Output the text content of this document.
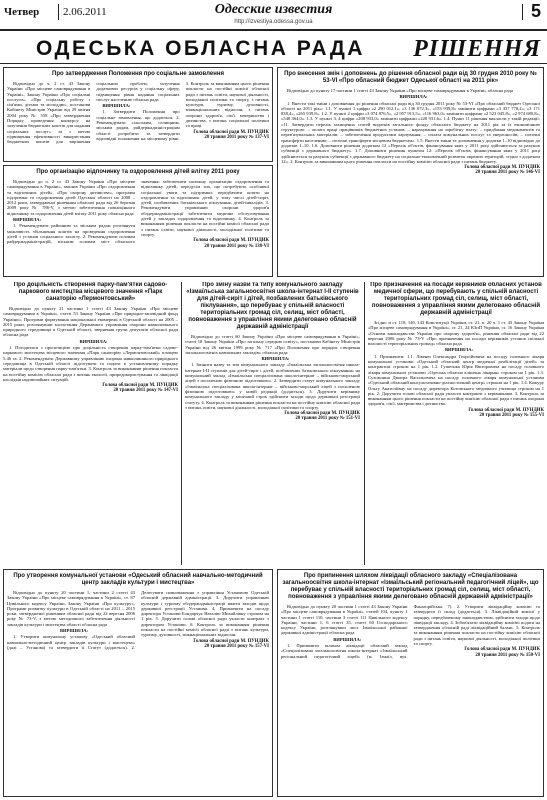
Четвер 2.06.2011	Одесские известия
http://izvestiya.odessa.gov.ua
5
ОДЕСЬКА ОБЛАСНА РАДА РІШЕННЯ
Про затвердження Положення про соціальне замовлення

Відповідно до ч. 2 ст. 43 Закону України «Про місцеве самоврядування в Україні», Закону України «Про соціальні послуги», «Про соціальну роботу з сім'ями, дітьми та молоддю», постанови Кабінету Міністрів України від 29 квітня 2004 року № 558 «Про затвердження Порядку проведення конкурсу на залучення бюджетних коштів для надання соціальних послуг» та з метою підвищення ефективності використання бюджетних коштів для вирішення соціальних проблем, залучення додаткових ресурсів у соціальну сферу, підвищення рівня надання соціальних послуг населенню обласна рада

ВИРІШИЛА:

1. Затвердити Положення про соціальне замовлення, що додається. 2. Рекомендувати сільським, селищним, міським радам, райдержадміністраціям області розробити та затвердити відповідні положення на місцевому рівні. 3. Контроль за виконанням цього рішення покласти на постійні комісії обласної ради з питань освіти, наукової діяльності, молодіжної політики та спорту, з питань культури, туризму, духовності, міжнаціональних відносин, з питань охорони здоров'я, сім'ї, материнства і дитинства, з питань соціальної політики та праці.

Голова обласної ради М. ПУНДИК
20 травня 2011 року № 137-VI
Про організацію відпочинку та оздоровлення дітей влітку 2011 року

Відповідно до ч. 2 ст. 43 Закону України «Про місцеве самоврядування в Україні», законів України «Про оздоровлення та відпочинок дітей», «Про охорону дитинства», програми підтримки та оздоровлення дітей Одеської області на 2008 – 2012 роки, затвердженої рішенням обласної ради від 26 березня 2009 року № 786-V, з метою забезпечення повноцінного відпочинку та оздоровлення дітей влітку 2011 року обласна рада

ВИРІШИЛА:

1. Рекомендувати районним та міським радам розглянути можливість збільшення коштів на проведення оздоровлення дітей з установ соціального захисту. 2. Рекомендувати головам райдержадміністрацій, міським головам міст обласного значення: забезпечити належну організацію оздоровлення та відпочинку дітей, передусім тих, що потребують особливої соціальної уваги та підтримки; передбачити кошти на оздоровлення та відпочинок дітей, у тому числі дітей-сиріт, дітей, позбавлених батьківського піклування, дітей-інвалідів. 3. Рекомендувати управлінню охорони здоров'я облдержадміністрації забезпечити медичне обслуговування дітей у закладах оздоровлення та відпочинку. 4. Контроль за виконанням рішення покласти на постійні комісії обласної ради з питань освіти, наукової діяльності, молодіжної політики та спорту.

Голова обласної ради М. ПУНДИК
20 травня 2011 року № 138-VI
Про внесення змін і доповнень до рішення обласної ради від 30 грудня 2010 року № 53-VI «Про обласний бюджет Одеської області на 2011 рік»

Відповідно до пункту 17 частини 1 статті 43 Закону України «Про місцеве самоврядування в Україні» обласна рада

ВИРІШИЛА:

1. Внести такі зміни і доповнення до рішення обласної ради від 30 грудня 2011 року № 53-VI «Про обласний бюджет Одеської області на 2011 рік»: 1.1. У пункті 1 цифри «2 290 012,1», «3 136 072,3», «153 939,8» замінити цифрами «3 437 778,2», «3 171 838,4», «265 939,8». 1.2. У пункті 2 цифри «3 074 876,5», «2 957 913,5», «116 963,0» замінити цифрами «2 523 045,8», «2 974 680,8», «548 364,0». 1.3. У пункті 3, 4 цифри «208 933,0» замінити цифрами «228 931,6». 1.4. Пункт 11 рішення викласти у такій редакції: «11. Затвердити перелік захищених статей видатків загального фонду обласного бюджету на 2011 рік за їх економічною структурою: – оплата праці працівників бюджетних установ; – нарахування на заробітну плату; – придбання медикаментів та перев'язувальних матеріалів; – забезпечення продуктами харчування; – оплата комунальних послуг та енергоносіїв; – поточні трансферти населенню; – поточні трансферти місцевим бюджетам». 1.5. Внести зміни та доповнення у додатки 1–10 відповідно до додатків 1–10. 1.6. Доповнити рішення додатком 12 «Перелік об'єктів, фінансування яких у 2011 році здійснюється за рахунок субвенції з державного бюджету». 1.7. Доповнити рішення пунктом 12: «Перелік об'єктів, фінансування яких у 2011 році здійснюється за рахунок субвенції з державного бюджету на соціально-економічний розвиток окремих територій, згідно з додатком 12». 2. Контроль за виконанням цього рішення покласти на постійну комісію обласної ради з питань бюджету.

Голова обласної ради М. ПУНДИК
20 травня 2011 року № 146-VI
Про доцільність створення парку-пам'ятки садово-паркового мистецтва місцевого значення «Парк санаторію «Лермонтовський»

Відповідно до пункту 21 частини 1 статті 43 Закону України «Про місцеве самоврядування в Україні», статті 53 Закону України «Про природно-заповідний фонд України», Програми формування національної екомережі в Одеській області на 2005 – 2015 роки, розглянувши клопотання Державного управління охорони навколишнього природного середовища в Одеській області, звернення групи депутатів обласної ради обласна рада

ВИРІШИЛА:

1. Погодитися з пропозицією про доцільність створення парку-пам'ятки садово-паркового мистецтва місцевого значення «Парк санаторію «Лермонтовський» площею 5,46 га. 2. Рекомендувати Державному управлінню охорони навколишнього природного середовища в Одеській області підготувати та подати в установленому порядку матеріали щодо створення парку-пам'ятки. 3. Контроль за виконанням рішення покласти на постійну комісію обласної ради з питань екології, природокористування та ліквідації наслідків надзвичайних ситуацій.

Голова обласної ради М. ПУНДИК
20 травня 2011 року № 147-VI
Про зміну назви та типу комунального закладу «Ізмаїльська загальноосвітня школа-інтернат I-II ступенів для дітей-сиріт і дітей, позбавлених батьківського піклування», що перебуває у спільній власності територіальних громад сіл, селищ, міст області, повноваження з управління якими делеговано обласній державній адміністрації

Відповідно до статті 60 Закону України «Про місцеве самоврядування в Україні», статті 18 Закону України «Про загальну середню освіту», постанови Кабінету Міністрів України від 26 квітня 1999 року № 717 «Про Положення про порядок створення загальноосвітніх навчальних закладів» обласна рада

ВИРІШИЛА:

1. Змінити назву та тип комунального закладу «Ізмаїльська загальноосвітня школа-інтернат I-II ступенів для дітей-сиріт і дітей, позбавлених батьківського піклування» на комунальний заклад «Ізмаїльська спеціалізована школа-інтернат – військово-морський ліцей з посиленою фізичною підготовкою». 2. Затвердити статут комунального закладу «Ізмаїльська спеціалізована школа-інтернат – військово-морський ліцей з посиленою фізичною підготовкою» у новій редакції (додається). 3. Доручити керівнику комунального закладу у місячний строк здійснити заходи щодо державної реєстрації статуту. 4. Контроль за виконанням рішення покласти на постійну комісію обласної ради з питань освіти, наукової діяльності, молодіжної політики та спорту.

Голова обласної ради М. ПУНДИК
20 травня 2011 року № 151-VI
Про призначення на посади керівників обласних установ медичної сфери, що перебувають у спільній власності територіальних громад сіл, селищ, міст області, повноваження з управління якими делеговано обласній державній адміністрації

Згідно зі ст. 118, 140, 143 Конституції України, ст. 21, п. 20 ч. 1 ст. 43 Закону України «Про місцеве самоврядування в Україні», ст. 21, 24 КЗпП України, ст. 16 Закону України «Основи законодавства України про охорону здоров'я», рішення обласної ради від 22 вересня 2006 року № 73-V «Про призначення на посади керівників установ спільної власності територіальних громад» обласна рада

ВИРІШИЛА:

1. Призначити: 1.1. Лівеню Олександра Георгійовича на посаду головного лікаря комунальної установи «Одеський обласний центр медичної реабілітації дітей» за контрактом строком на 1 рік. 1.2. Гушеєнка Юрія Вікторовича на посаду головного лікаря комунальної установи «Одеська обласна клінічна лікарня» строком на 1 рік. 1.3. Сухомлина Дмитра Васильовича на посаду головного лікаря комунальної установи «Одеський обласний консультативно-діагностичний центр» строком на 1 рік. 1.4. Кожуру Ольгу Анатоліївну на посаду директора Котовського медичного училища строком на 1 рік. 2. Доручити голові обласної ради укласти контракти з керівниками. 3. Контроль за виконанням цього рішення покласти на постійну комісію обласної ради з питань охорони здоров'я, сім'ї, материнства і дитинства.

Голова обласної ради М. ПУНДИК
20 травня 2011 року № 155-VI
Про утворення комунальної установи «Одеський обласний навчально-методичний центр закладів культури і мистецтва»

Відповідно до пункту 20 частини 1, частини 2 статті 43 Закону України «Про місцеве самоврядування в Україні», ст. 87 Цивільного кодексу України, Закону України «Про культуру», Програми розвитку культури в Одеській області на 2011 – 2015 роки, затвердженої рішенням обласної ради від 22 вересня 2006 року № 73-V, з метою методичного забезпечення діяльності закладів культури і мистецтва області обласна рада

ВИРІШИЛА:

1. Утворити комунальну установу «Одеський обласний навчально-методичний центр закладів культури і мистецтва» (далі – Установа) та затвердити її Статут (додається). 2. Делегувати повноваження з управління Установою Одеській обласній державній адміністрації. 3. Доручити управлінню культури і туризму облдержадміністрації вжити заходів щодо державної реєстрації Установи. 4. Призначити на посаду директора Установи Бондарчук Наталію Михайлівну строком на 1 рік. 5. Доручити голові обласної ради укласти контракт з директором Установи. 6. Контроль за виконанням рішення покласти на постійні комісії обласної ради з питань культури, туризму, духовності, міжнаціональних відносин.

Голова обласної ради М. ПУНДИК
20 травня 2011 року № 157-VI
Про припинення шляхом ліквідації обласного закладу «Спеціалізована загальноосвітня школа-інтернат «Ізмаїльський регіональний педагогічний ліцей», що перебуває у спільній власності територіальних громад сіл, селищ, міст області, повноваження з управління якими делеговано обласній державній адміністрації»

Відповідно до пункту 20 частини 1 статті 43 Закону України «Про місцеве самоврядування в Україні», статей 104, пункту 1 частини 1 статті 110, частини 3 статті 111 Цивільного кодексу України, частини 1, 6 статті 35, статті 60 Господарського кодексу України, розглянувши лист Ізмаїльської районної державної адміністрації обласна рада

ВИРІШИЛА:

1. Припинити шляхом ліквідації обласний заклад «Спеціалізована загальноосвітня школа-інтернат «Ізмаїльський регіональний педагогічний ліцей» (м. Ізмаїл, вул. Фанагорійська, 7). 2. Утворити ліквідаційну комісію та затвердити її склад (додається). 3. Ліквідаційній комісії у порядку, передбаченому законодавством, здійснити заходи щодо ліквідації закладу. 4. Зобов'язати ліквідаційну комісію подати на затвердження обласній раді ліквідаційний баланс. 5. Контроль за виконанням рішення покласти на постійну комісію обласної ради з питань освіти, наукової діяльності, молодіжної політики та спорту.

Голова обласної ради М. ПУНДИК
20 травня 2011 року № 150-VI
